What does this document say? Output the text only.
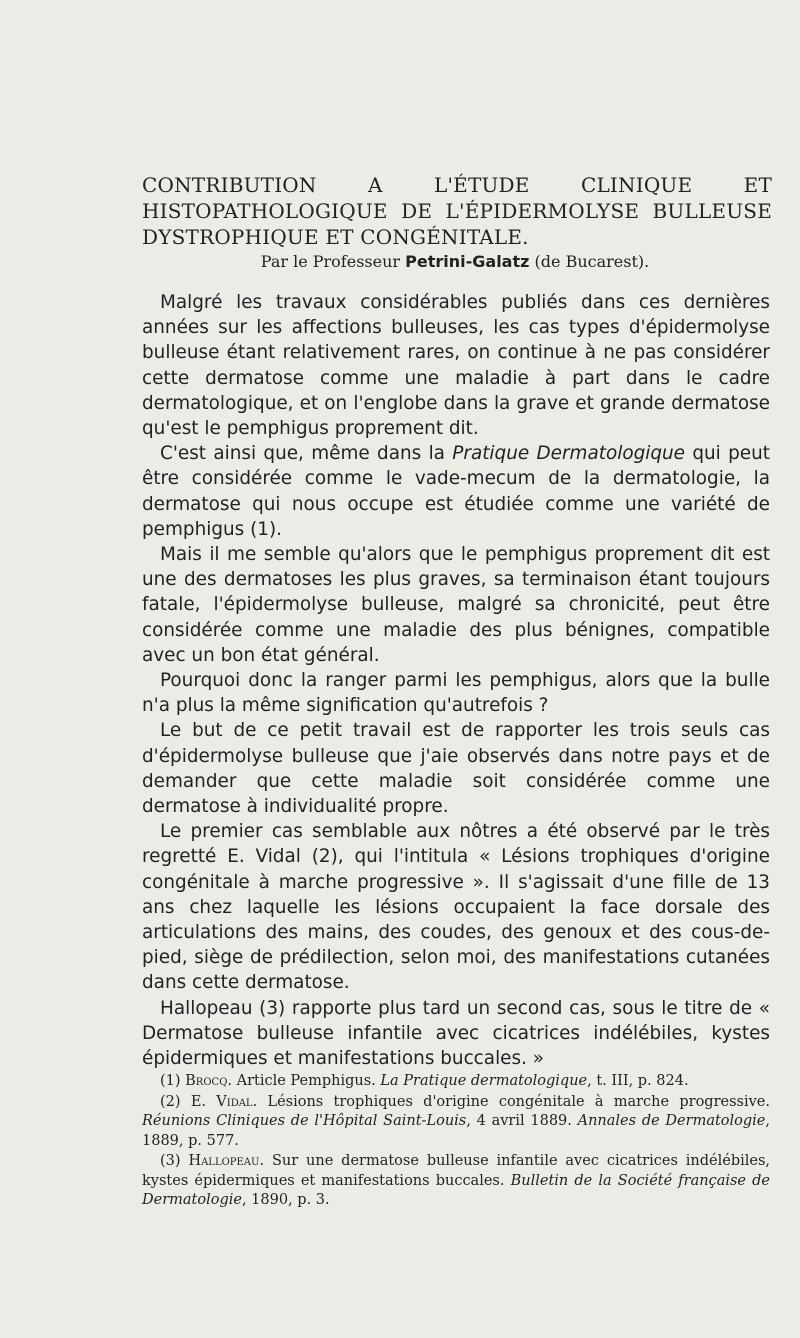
CONTRIBUTION A L'ÉTUDE CLINIQUE ET HISTOPATHOLOGIQUE DE L'ÉPIDERMOLYSE BULLEUSE DYSTROPHIQUE ET CONGÉNITALE.

Par le Professeur Petrini-Galatz (de Bucarest).

Malgré les travaux considérables publiés dans ces dernières années sur les affections bulleuses, les cas types d'épidermolyse bulleuse étant relativement rares, on continue à ne pas considérer cette dermatose comme une maladie à part dans le cadre dermatologique, et on l'englobe dans la grave et grande dermatose qu'est le pemphigus proprement dit.

C'est ainsi que, même dans la Pratique Dermatologique qui peut être considérée comme le vade-mecum de la dermatologie, la dermatose qui nous occupe est étudiée comme une variété de pemphigus (1).

Mais il me semble qu'alors que le pemphigus proprement dit est une des dermatoses les plus graves, sa terminaison étant toujours fatale, l'épidermolyse bulleuse, malgré sa chronicité, peut être considérée comme une maladie des plus bénignes, compatible avec un bon état général.

Pourquoi donc la ranger parmi les pemphigus, alors que la bulle n'a plus la même signification qu'autrefois ?

Le but de ce petit travail est de rapporter les trois seuls cas d'épidermolyse bulleuse que j'aie observés dans notre pays et de demander que cette maladie soit considérée comme une dermatose à individualité propre.

Le premier cas semblable aux nôtres a été observé par le très regretté E. Vidal (2), qui l'intitula « Lésions trophiques d'origine congénitale à marche progressive ». Il s'agissait d'une fille de 13 ans chez laquelle les lésions occupaient la face dorsale des articulations des mains, des coudes, des genoux et des cous-de-pied, siège de prédilection, selon moi, des manifestations cutanées dans cette dermatose.

Hallopeau (3) rapporte plus tard un second cas, sous le titre de « Dermatose bulleuse infantile avec cicatrices indélébiles, kystes épidermiques et manifestations buccales. »

(1) Brocq. Article Pemphigus. La Pratique dermatologique, t. III, p. 824.

(2) E. Vidal. Lésions trophiques d'origine congénitale à marche progressive. Réunions Cliniques de l'Hôpital Saint-Louis, 4 avril 1889. Annales de Dermatologie, 1889, p. 577.

(3) Hallopeau. Sur une dermatose bulleuse infantile avec cicatrices indélébiles, kystes épidermiques et manifestations buccales. Bulletin de la Société française de Dermatologie, 1890, p. 3.
